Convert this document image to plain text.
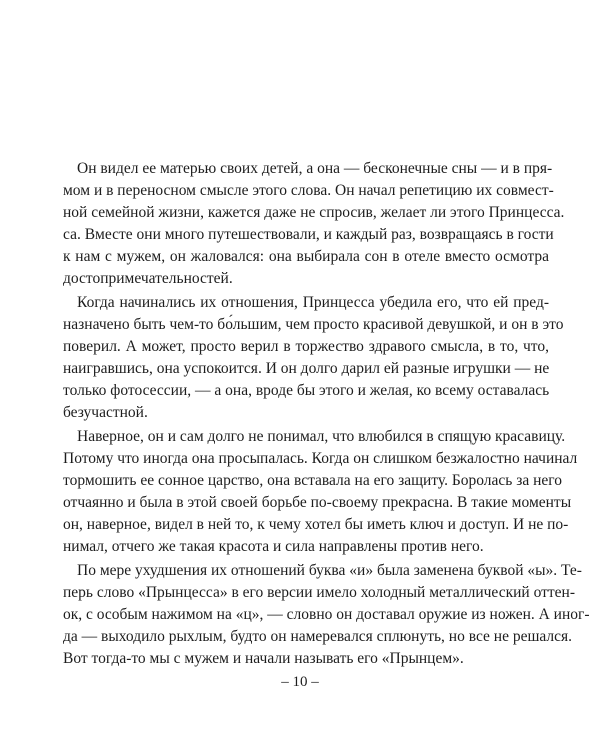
Он видел ее матерью своих детей, а она — бесконечные сны — и в пря-
мом и в переносном смысле этого слова. Он начал репетицию их совмест-
ной семейной жизни, кажется даже не спросив, желает ли этого Принцесса.
са. Вместе они много путешествовали, и каждый раз, возвращаясь в гости
к нам с мужем, он жаловался: она выбирала сон в отеле вместо осмотра
достопримечательностей.
Когда начинались их отношения, Принцесса убедила его, что ей пред-
назначено быть чем-то бо́льшим, чем просто красивой девушкой, и он в это
поверил. А может, просто верил в торжество здравого смысла, в то, что,
наигравшись, она успокоится. И он долго дарил ей разные игрушки — не
только фотосессии, — а она, вроде бы этого и желая, ко всему оставалась
безучастной.
Наверное, он и сам долго не понимал, что влюбился в спящую красавицу.
Потому что иногда она просыпалась. Когда он слишком безжалостно начинал
тормошить ее сонное царство, она вставала на его защиту. Боролась за него
отчаянно и была в этой своей борьбе по-своему прекрасна. В такие моменты
он, наверное, видел в ней то, к чему хотел бы иметь ключ и доступ. И не по-
нимал, отчего же такая красота и сила направлены против него.
По мере ухудшения их отношений буква «и» была заменена буквой «ы». Те-
перь слово «Прынцесса» в его версии имело холодный металлический оттен-
ок, с особым нажимом на «ц», — словно он доставал оружие из ножен. А иног-
да — выходило рыхлым, будто он намеревался сплюнуть, но все не решался.
Вот тогда-то мы с мужем и начали называть его «Прынцем».
– 10 –
